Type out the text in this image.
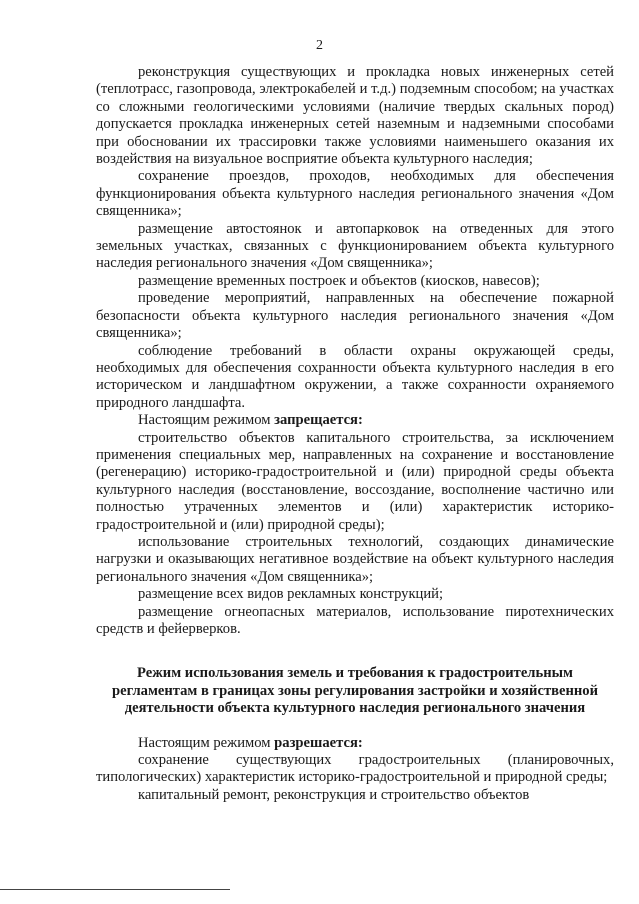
2

реконструкция существующих и прокладка новых инженерных сетей (теплотрасс, газопровода, электрокабелей и т.д.) подземным способом; на участках со сложными геологическими условиями (наличие твердых скальных пород) допускается прокладка инженерных сетей наземным и надземными способами при обосновании их трассировки также условиями наименьшего оказания их воздействия на визуальное восприятие объекта культурного наследия;

сохранение проездов, проходов, необходимых для обеспечения функционирования объекта культурного наследия регионального значения «Дом священника»;

размещение автостоянок и автопарковок на отведенных для этого земельных участках, связанных с функционированием объекта культурного наследия регионального значения «Дом священника»;

размещение временных построек и объектов (киосков, навесов);

проведение мероприятий, направленных на обеспечение пожарной безопасности объекта культурного наследия регионального значения «Дом священника»;

соблюдение требований в области охраны окружающей среды, необходимых для обеспечения сохранности объекта культурного наследия в его историческом и ландшафтном окружении, а также сохранности охраняемого природного ландшафта.

Настоящим режимом запрещается:

строительство объектов капитального строительства, за исключением применения специальных мер, направленных на сохранение и восстановление (регенерацию) историко-градостроительной и (или) природной среды объекта культурного наследия (восстановление, воссоздание, восполнение частично или полностью утраченных элементов и (или) характеристик историко-градостроительной и (или) природной среды);

использование строительных технологий, создающих динамические нагрузки и оказывающих негативное воздействие на объект культурного наследия регионального значения «Дом священника»;

размещение всех видов рекламных конструкций;

размещение огнеопасных материалов, использование пиротехнических средств и фейерверков.

Режим использования земель и требования к градостроительным регламентам в границах зоны регулирования застройки и хозяйственной деятельности объекта культурного наследия регионального значения

Настоящим режимом разрешается:

сохранение существующих градостроительных (планировочных, типологических) характеристик историко-градостроительной и природной среды;

капитальный ремонт, реконструкция и строительство объектов
